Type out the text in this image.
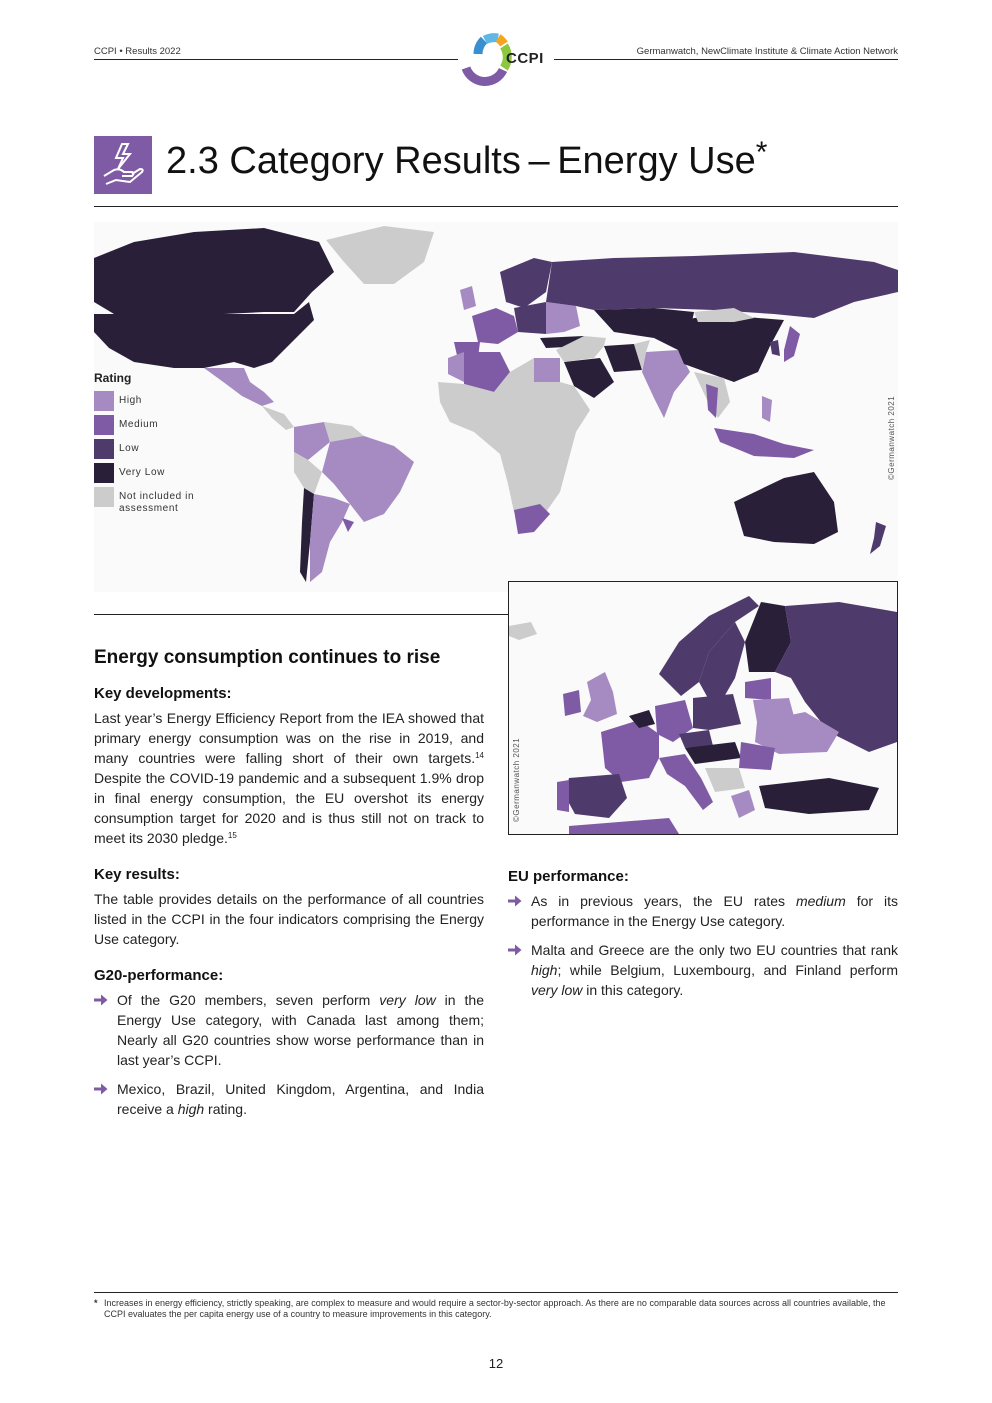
CCPI • Results 2022	Germanwatch, NewClimate Institute & Climate Action Network
CCPI
2.3 Category Results – Energy Use*
©Germanwatch 2021
Rating
High
Medium
Low
Very Low
Not included in assessment
©Germanwatch 2021
Energy consumption continues to rise
Key developments:

Last year’s Energy Efficiency Report from the IEA showed that primary energy consumption was on the rise in 2019, and many countries were falling short of their own targets.$^{14}$ Despite the COVID-19 pandemic and a subsequent 1.9% drop in final energy consumption, the EU overshot its energy consumption target for 2020 and is thus still not on track to meet its 2030 pledge.$^{15}$

Key results:

The table provides details on the performance of all countries listed in the CCPI in the four indicators comprising the Energy Use category.

G20-performance:
Of the G20 members, seven perform very low in the Energy Use category, with Canada last among them; Nearly all G20 countries show worse performance than in last year’s CCPI.
Mexico, Brazil, United Kingdom, Argentina, and India receive a high rating.
EU performance:
As in previous years, the EU rates medium for its performance in the Energy Use category.
Malta and Greece are the only two EU countries that rank high; while Belgium, Luxembourg, and Finland perform very low in this category.
* Increases in energy efficiency, strictly speaking, are complex to measure and would require a sector-by-sector approach. As there are no comparable data sources across all countries available, the CCPI evaluates the per capita energy use of a country to measure improvements in this category.
12
